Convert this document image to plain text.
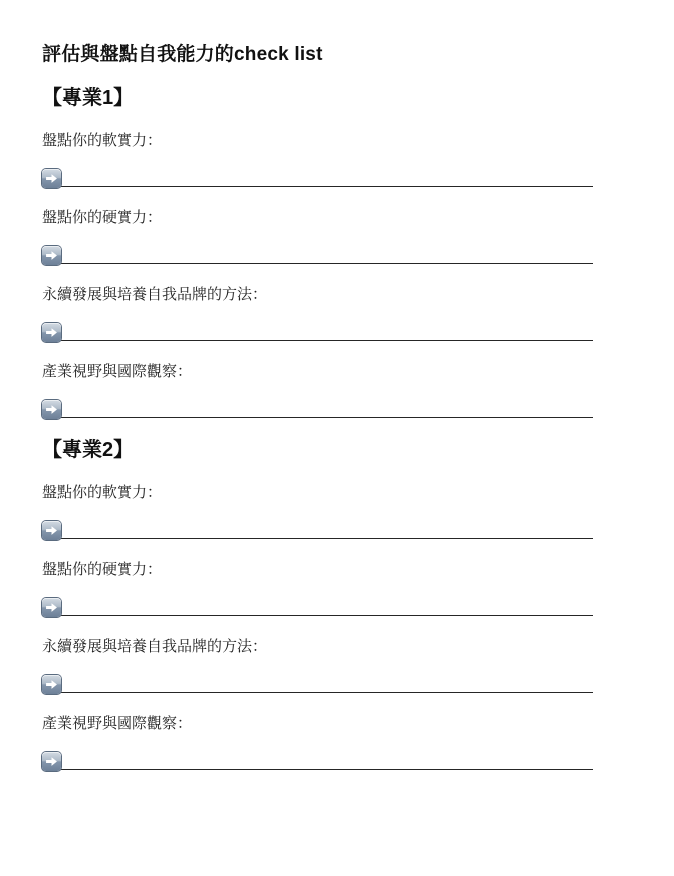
評估與盤點自我能力的check list
【專業1】
盤點你的軟實力：
盤點你的硬實力：
永續發展與培養自我品牌的方法：
產業視野與國際觀察：
【專業2】
盤點你的軟實力：
盤點你的硬實力：
永續發展與培養自我品牌的方法：
產業視野與國際觀察：
